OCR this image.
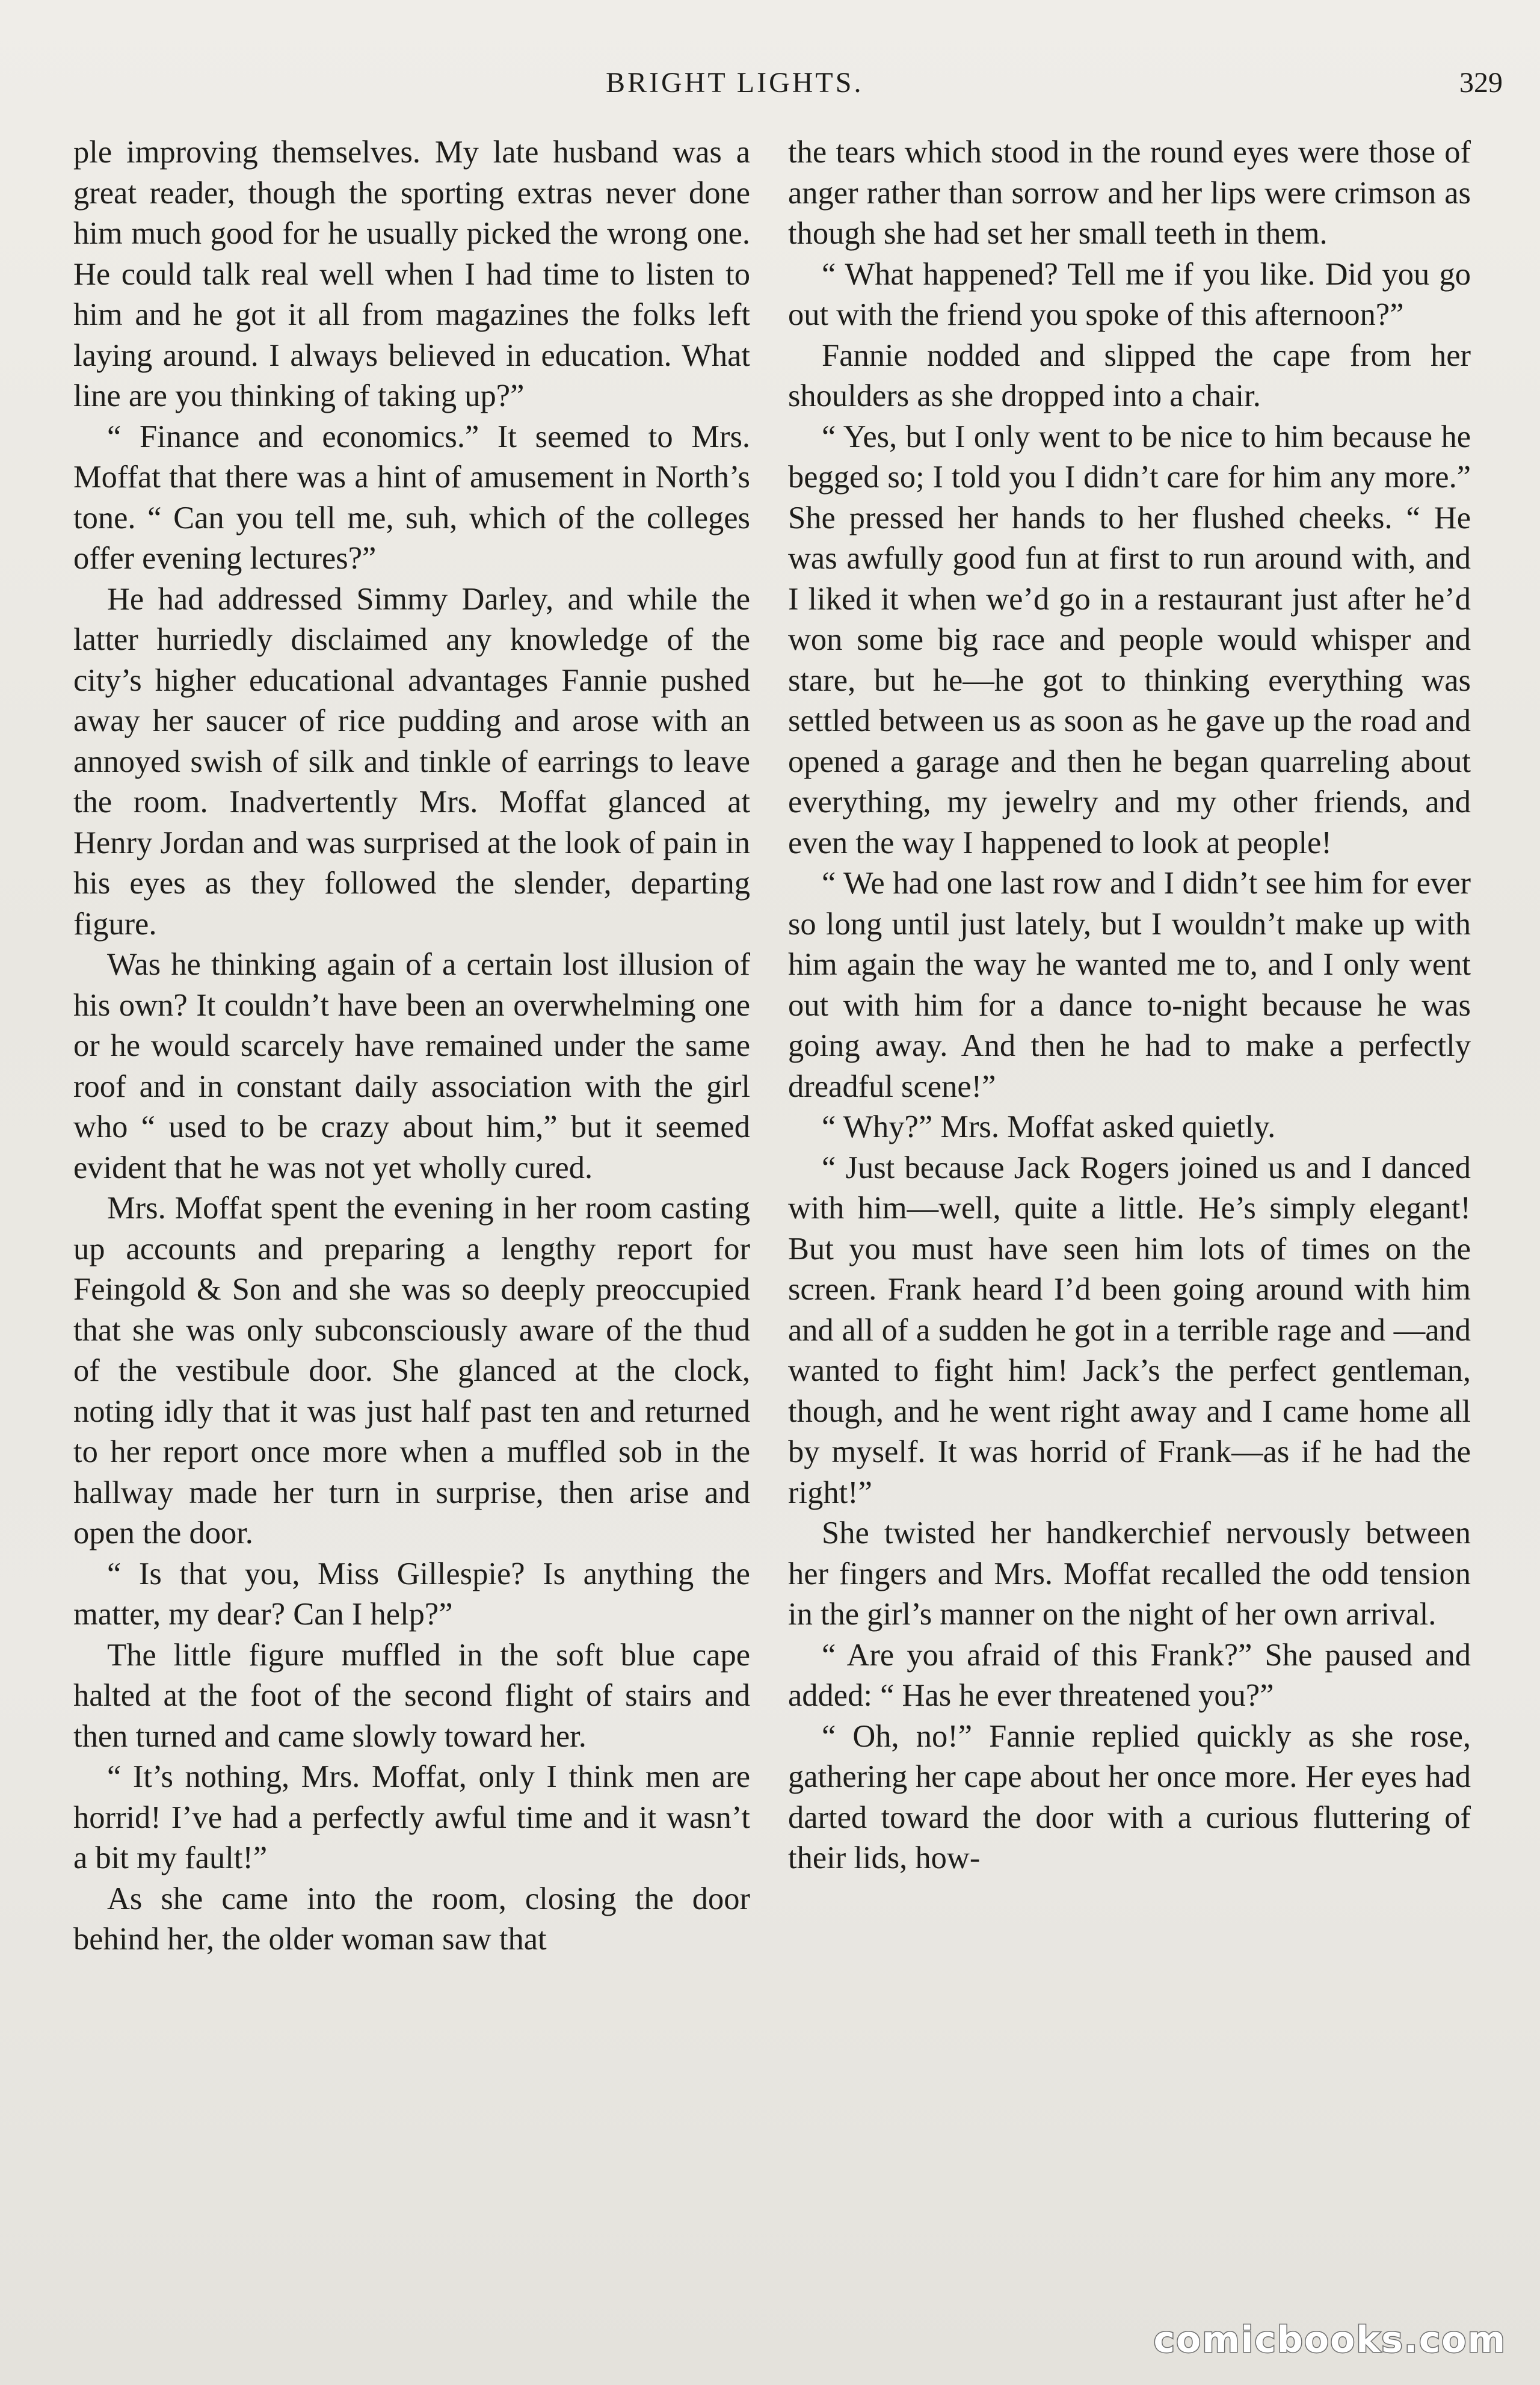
BRIGHT LIGHTS.	329

ple improving themselves. My late husband was a great reader, though the sporting extras never done him much good for he usually picked the wrong one. He could talk real well when I had time to listen to him and he got it all from magazines the folks left laying around. I always believed in education. What line are you thinking of taking up?”

“ Finance and economics.” It seemed to Mrs. Moffat that there was a hint of amusement in North’s tone. “ Can you tell me, suh, which of the colleges offer evening lectures?”

He had addressed Simmy Darley, and while the latter hurriedly disclaimed any knowledge of the city’s higher educational advantages Fannie pushed away her saucer of rice pudding and arose with an annoyed swish of silk and tinkle of earrings to leave the room. Inadvertently Mrs. Moffat glanced at Henry Jordan and was surprised at the look of pain in his eyes as they followed the slender, departing figure.

Was he thinking again of a certain lost illusion of his own? It couldn’t have been an overwhelming one or he would scarcely have remained under the same roof and in constant daily association with the girl who “ used to be crazy about him,” but it seemed evident that he was not yet wholly cured.

Mrs. Moffat spent the evening in her room casting up accounts and preparing a lengthy report for Feingold & Son and she was so deeply preoccupied that she was only subconsciously aware of the thud of the vestibule door. She glanced at the clock, noting idly that it was just half past ten and returned to her report once more when a muffled sob in the hallway made her turn in surprise, then arise and open the door.

“ Is that you, Miss Gillespie? Is anything the matter, my dear? Can I help?”

The little figure muffled in the soft blue cape halted at the foot of the second flight of stairs and then turned and came slowly toward her.

“ It’s nothing, Mrs. Moffat, only I think men are horrid! I’ve had a perfectly awful time and it wasn’t a bit my fault!”

As she came into the room, closing the door behind her, the older woman saw that

the tears which stood in the round eyes were those of anger rather than sorrow and her lips were crimson as though she had set her small teeth in them.

“ What happened? Tell me if you like. Did you go out with the friend you spoke of this afternoon?”

Fannie nodded and slipped the cape from her shoulders as she dropped into a chair.

“ Yes, but I only went to be nice to him because he begged so; I told you I didn’t care for him any more.” She pressed her hands to her flushed cheeks. “ He was awfully good fun at first to run around with, and I liked it when we’d go in a restaurant just after he’d won some big race and people would whisper and stare, but he—he got to thinking everything was settled between us as soon as he gave up the road and opened a garage and then he began quarreling about everything, my jewelry and my other friends, and even the way I happened to look at people!

“ We had one last row and I didn’t see him for ever so long until just lately, but I wouldn’t make up with him again the way he wanted me to, and I only went out with him for a dance to-night because he was going away. And then he had to make a perfectly dreadful scene!”

“ Why?” Mrs. Moffat asked quietly.

“ Just because Jack Rogers joined us and I danced with him—well, quite a little. He’s simply elegant! But you must have seen him lots of times on the screen. Frank heard I’d been going around with him and all of a sudden he got in a terrible rage and —and wanted to fight him! Jack’s the perfect gentleman, though, and he went right away and I came home all by myself. It was horrid of Frank—as if he had the right!”

She twisted her handkerchief nervously between her fingers and Mrs. Moffat recalled the odd tension in the girl’s manner on the night of her own arrival.

“ Are you afraid of this Frank?” She paused and added: “ Has he ever threatened you?”

“ Oh, no!” Fannie replied quickly as she rose, gathering her cape about her once more. Her eyes had darted toward the door with a curious fluttering of their lids, how-

comicbooks.com
